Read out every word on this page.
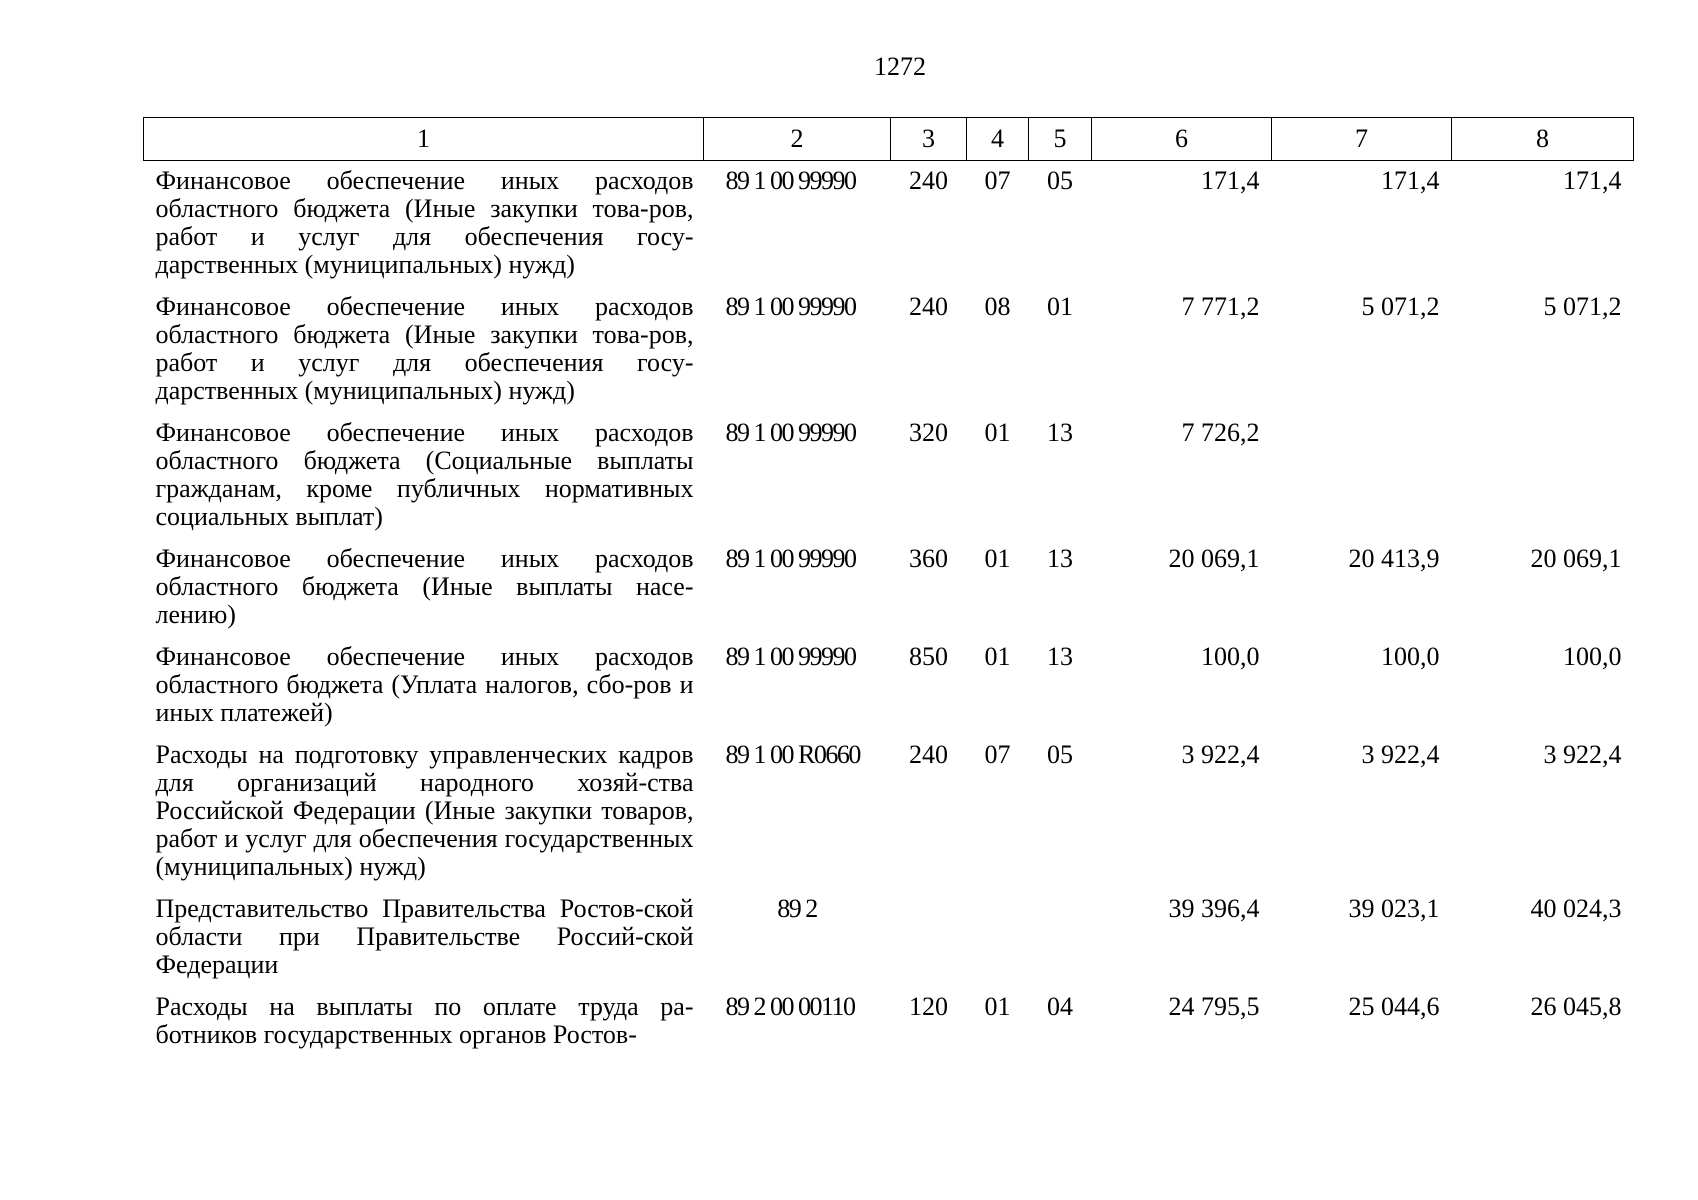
1272
1	2	3	4	5	6	7	8
Финансовое обеспечение иных расходов областного бюджета (Иные закупки това-ров, работ и услуг для обеспечения госу-дарственных (муниципальных) нужд)	89 1 00 99990	240	07	05	171,4	171,4	171,4
Финансовое обеспечение иных расходов областного бюджета (Иные закупки това-ров, работ и услуг для обеспечения госу-дарственных (муниципальных) нужд)	89 1 00 99990	240	08	01	7 771,2	5 071,2	5 071,2
Финансовое обеспечение иных расходов областного бюджета (Социальные выплаты гражданам, кроме публичных нормативных социальных выплат)	89 1 00 99990	320	01	13	7 726,2		
Финансовое обеспечение иных расходов областного бюджета (Иные выплаты насе-лению)	89 1 00 99990	360	01	13	20 069,1	20 413,9	20 069,1
Финансовое обеспечение иных расходов областного бюджета (Уплата налогов, сбо-ров и иных платежей)	89 1 00 99990	850	01	13	100,0	100,0	100,0
Расходы на подготовку управленческих кадров для организаций народного хозяй-ства Российской Федерации (Иные закупки товаров, работ и услуг для обеспечения государственных (муниципальных) нужд)	89 1 00 R0660	240	07	05	3 922,4	3 922,4	3 922,4
Представительство Правительства Ростов-ской области при Правительстве Россий-ской Федерации	89 2				39 396,4	39 023,1	40 024,3
Расходы на выплаты по оплате труда ра-ботников государственных органов Ростов-	89 2 00 00110	120	01	04	24 795,5	25 044,6	26 045,8
